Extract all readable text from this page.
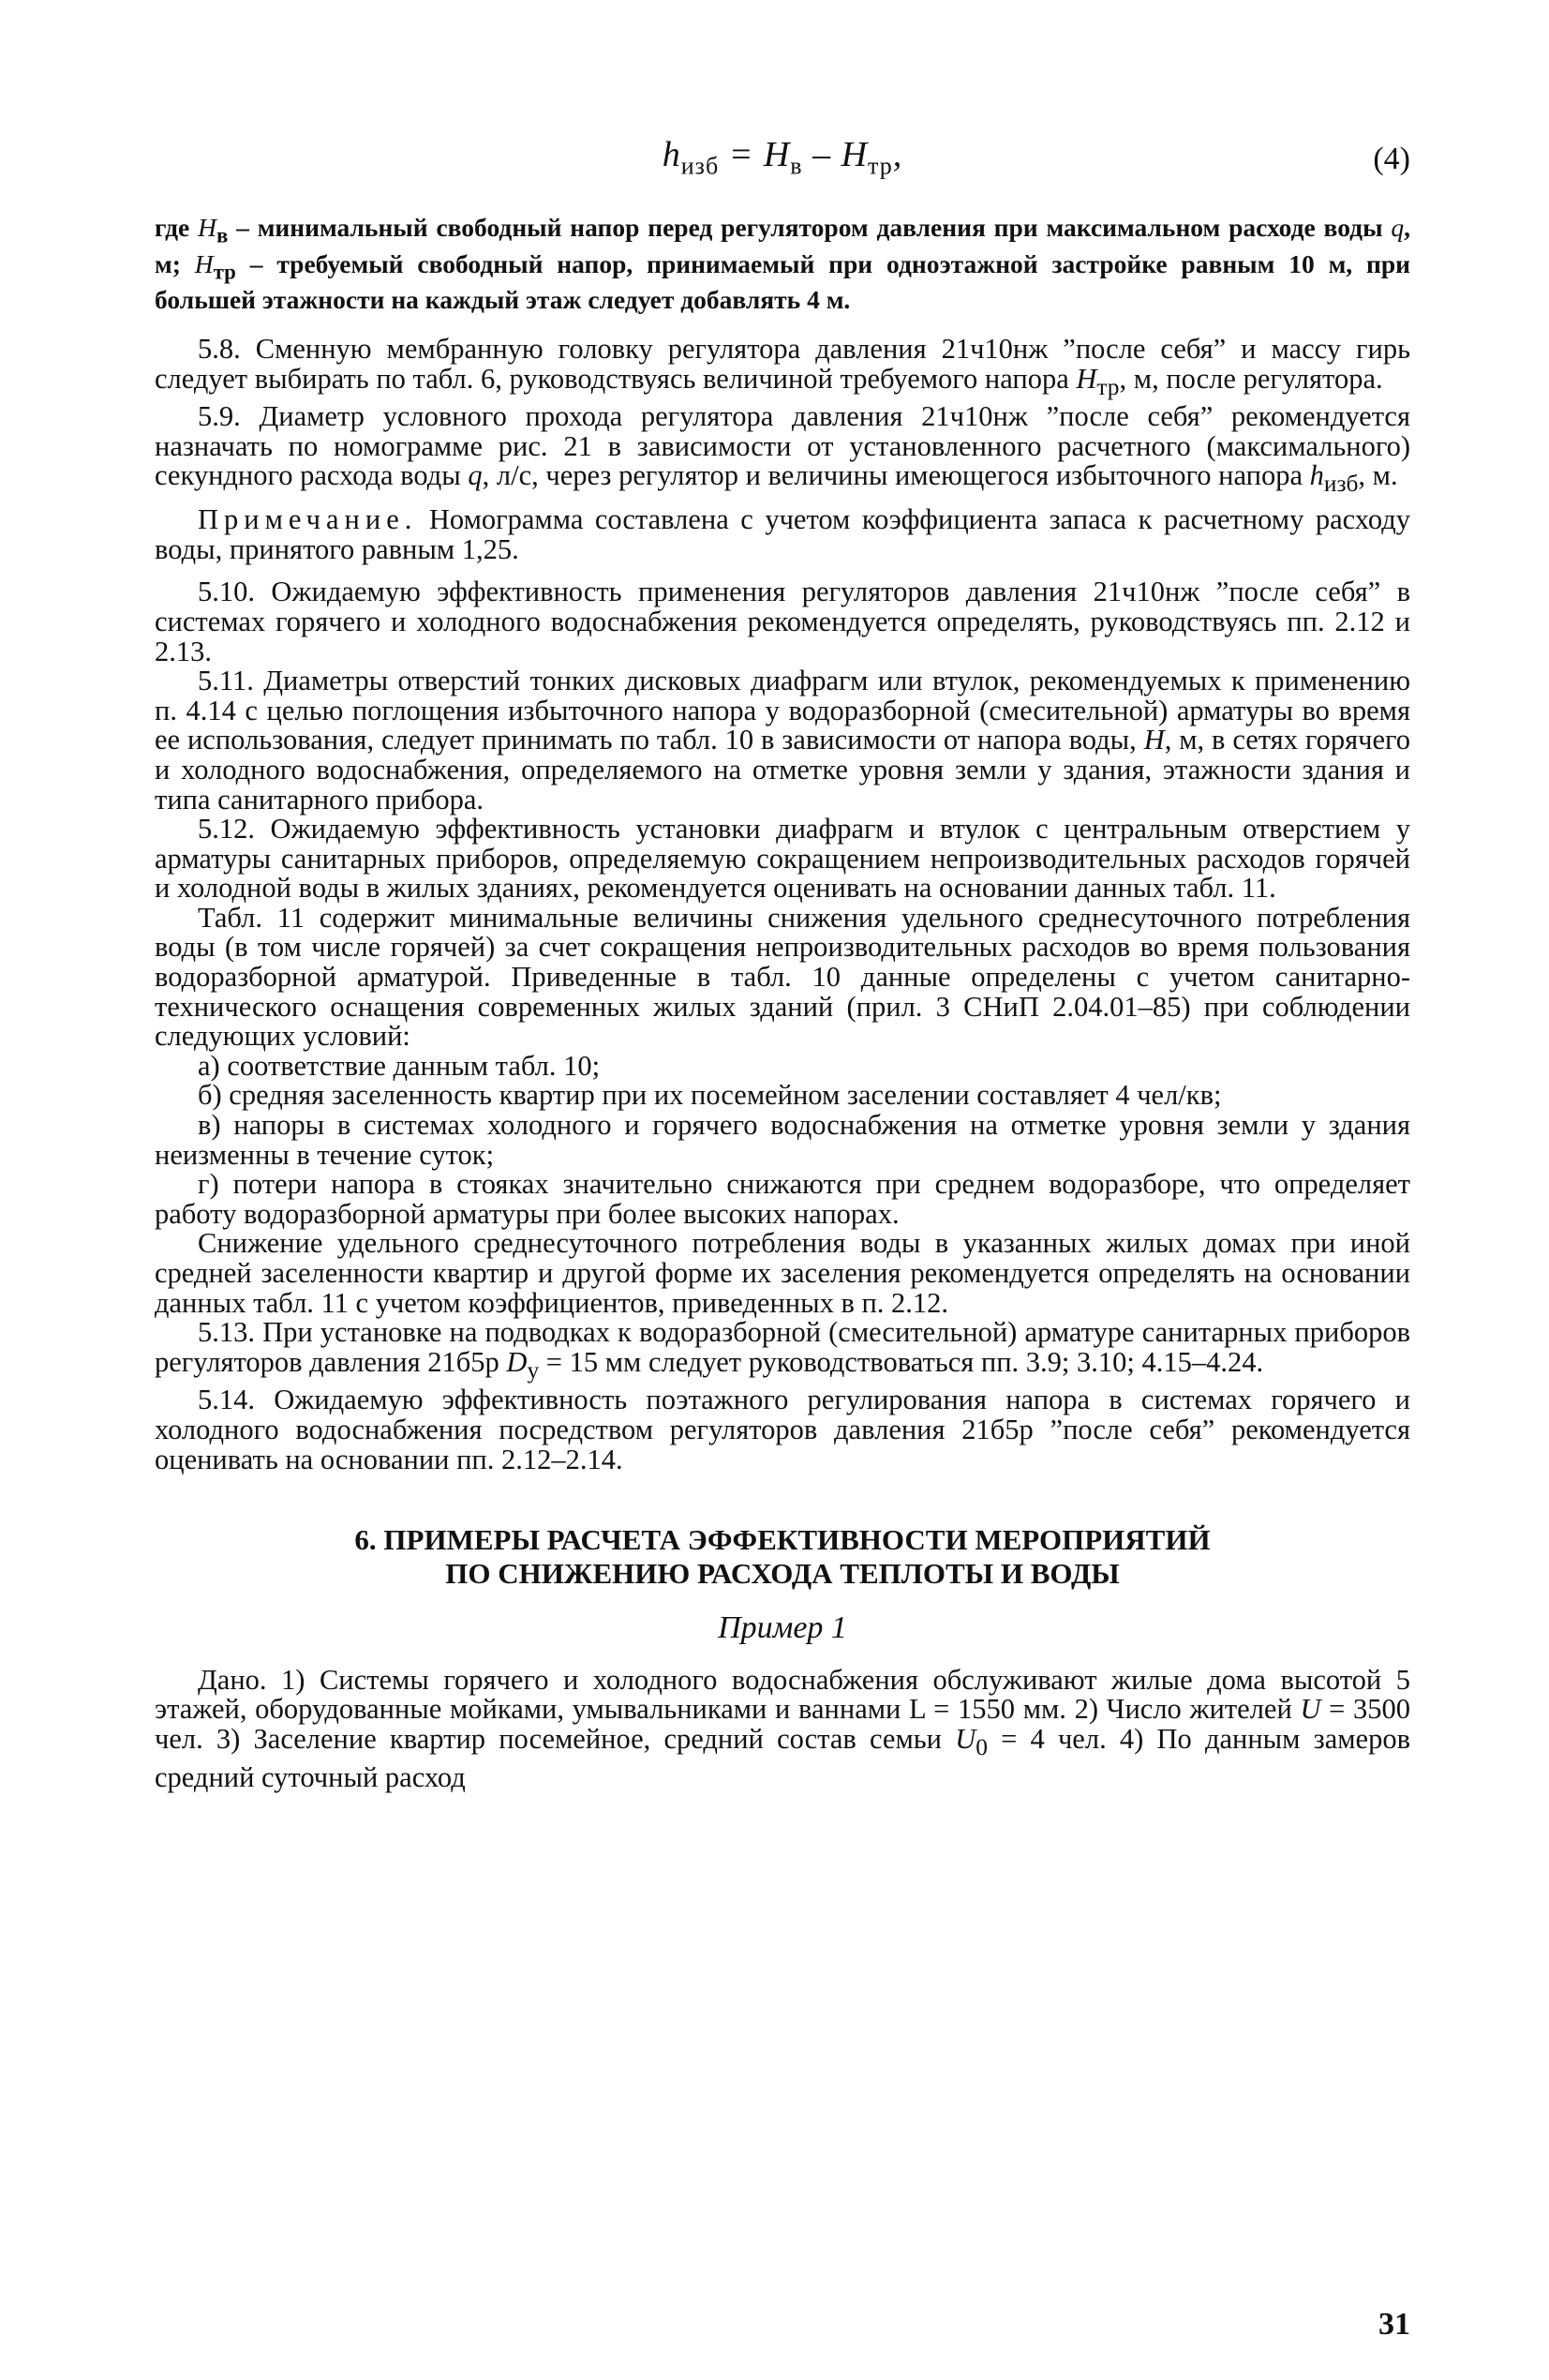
$h_{изб} = H_в - H_{тр}$,	(4)

где $H_в$ – минимальный свободный напор перед регулятором давления при максимальном расходе воды q, м; $H_{тр}$ – требуемый свободный напор, принимаемый при одноэтажной застройке равным 10 м, при большей этажности на каждый этаж следует добавлять 4 м.

5.8. Сменную мембранную головку регулятора давления 21ч10нж ”после себя” и массу гирь следует выбирать по табл. 6, руководствуясь величиной требуемого напора $H_{тр}$, м, после регулятора.

5.9. Диаметр условного прохода регулятора давления 21ч10нж ”после себя” рекомендуется назначать по номограмме рис. 21 в зависимости от установленного расчетного (максимального) секундного расхода воды q, л/с, через регулятор и величины имеющегося избыточного напора $h_{изб}$, м.

Примечание. Номограмма составлена с учетом коэффициента запаса к расчетному расходу воды, принятого равным 1,25.

5.10. Ожидаемую эффективность применения регуляторов давления 21ч10нж ”после себя” в системах горячего и холодного водоснабжения рекомендуется определять, руководствуясь пп. 2.12 и 2.13.

5.11. Диаметры отверстий тонких дисковых диафрагм или втулок, рекомендуемых к применению п. 4.14 с целью поглощения избыточного напора у водоразборной (смесительной) арматуры во время ее использования, следует принимать по табл. 10 в зависимости от напора воды, H, м, в сетях горячего и холодного водоснабжения, определяемого на отметке уровня земли у здания, этажности здания и типа санитарного прибора.

5.12. Ожидаемую эффективность установки диафрагм и втулок с центральным отверстием у арматуры санитарных приборов, определяемую сокращением непроизводительных расходов горячей и холодной воды в жилых зданиях, рекомендуется оценивать на основании данных табл. 11.

Табл. 11 содержит минимальные величины снижения удельного среднесуточного потребления воды (в том числе горячей) за счет сокращения непроизводительных расходов во время пользования водоразборной арматурой. Приведенные в табл. 10 данные определены с учетом санитарно-технического оснащения современных жилых зданий (прил. 3 СНиП 2.04.01–85) при соблюдении следующих условий:

а) соответствие данным табл. 10;

б) средняя заселенность квартир при их посемейном заселении составляет 4 чел/кв;

в) напоры в системах холодного и горячего водоснабжения на отметке уровня земли у здания неизменны в течение суток;

г) потери напора в стояках значительно снижаются при среднем водоразборе, что определяет работу водоразборной арматуры при более высоких напорах.

Снижение удельного среднесуточного потребления воды в указанных жилых домах при иной средней заселенности квартир и другой форме их заселения рекомендуется определять на основании данных табл. 11 с учетом коэффициентов, приведенных в п. 2.12.

5.13. При установке на подводках к водоразборной (смесительной) арматуре санитарных приборов регуляторов давления 21б5р $D_у = 15$ мм следует руководствоваться пп. 3.9; 3.10; 4.15–4.24.

5.14. Ожидаемую эффективность поэтажного регулирования напора в системах горячего и холодного водоснабжения посредством регуляторов давления 21б5р ”после себя” рекомендуется оценивать на основании пп. 2.12–2.14.

6. ПРИМЕРЫ РАСЧЕТА ЭФФЕКТИВНОСТИ МЕРОПРИЯТИЙ
ПО СНИЖЕНИЮ РАСХОДА ТЕПЛОТЫ И ВОДЫ
Пример 1

Дано. 1) Системы горячего и холодного водоснабжения обслуживают жилые дома высотой 5 этажей, оборудованные мойками, умывальниками и ваннами L = 1550 мм. 2) Число жителей U = 3500 чел. 3) Заселение квартир посемейное, средний состав семьи $U_0 = 4$ чел. 4) По данным замеров средний суточный расход

31
